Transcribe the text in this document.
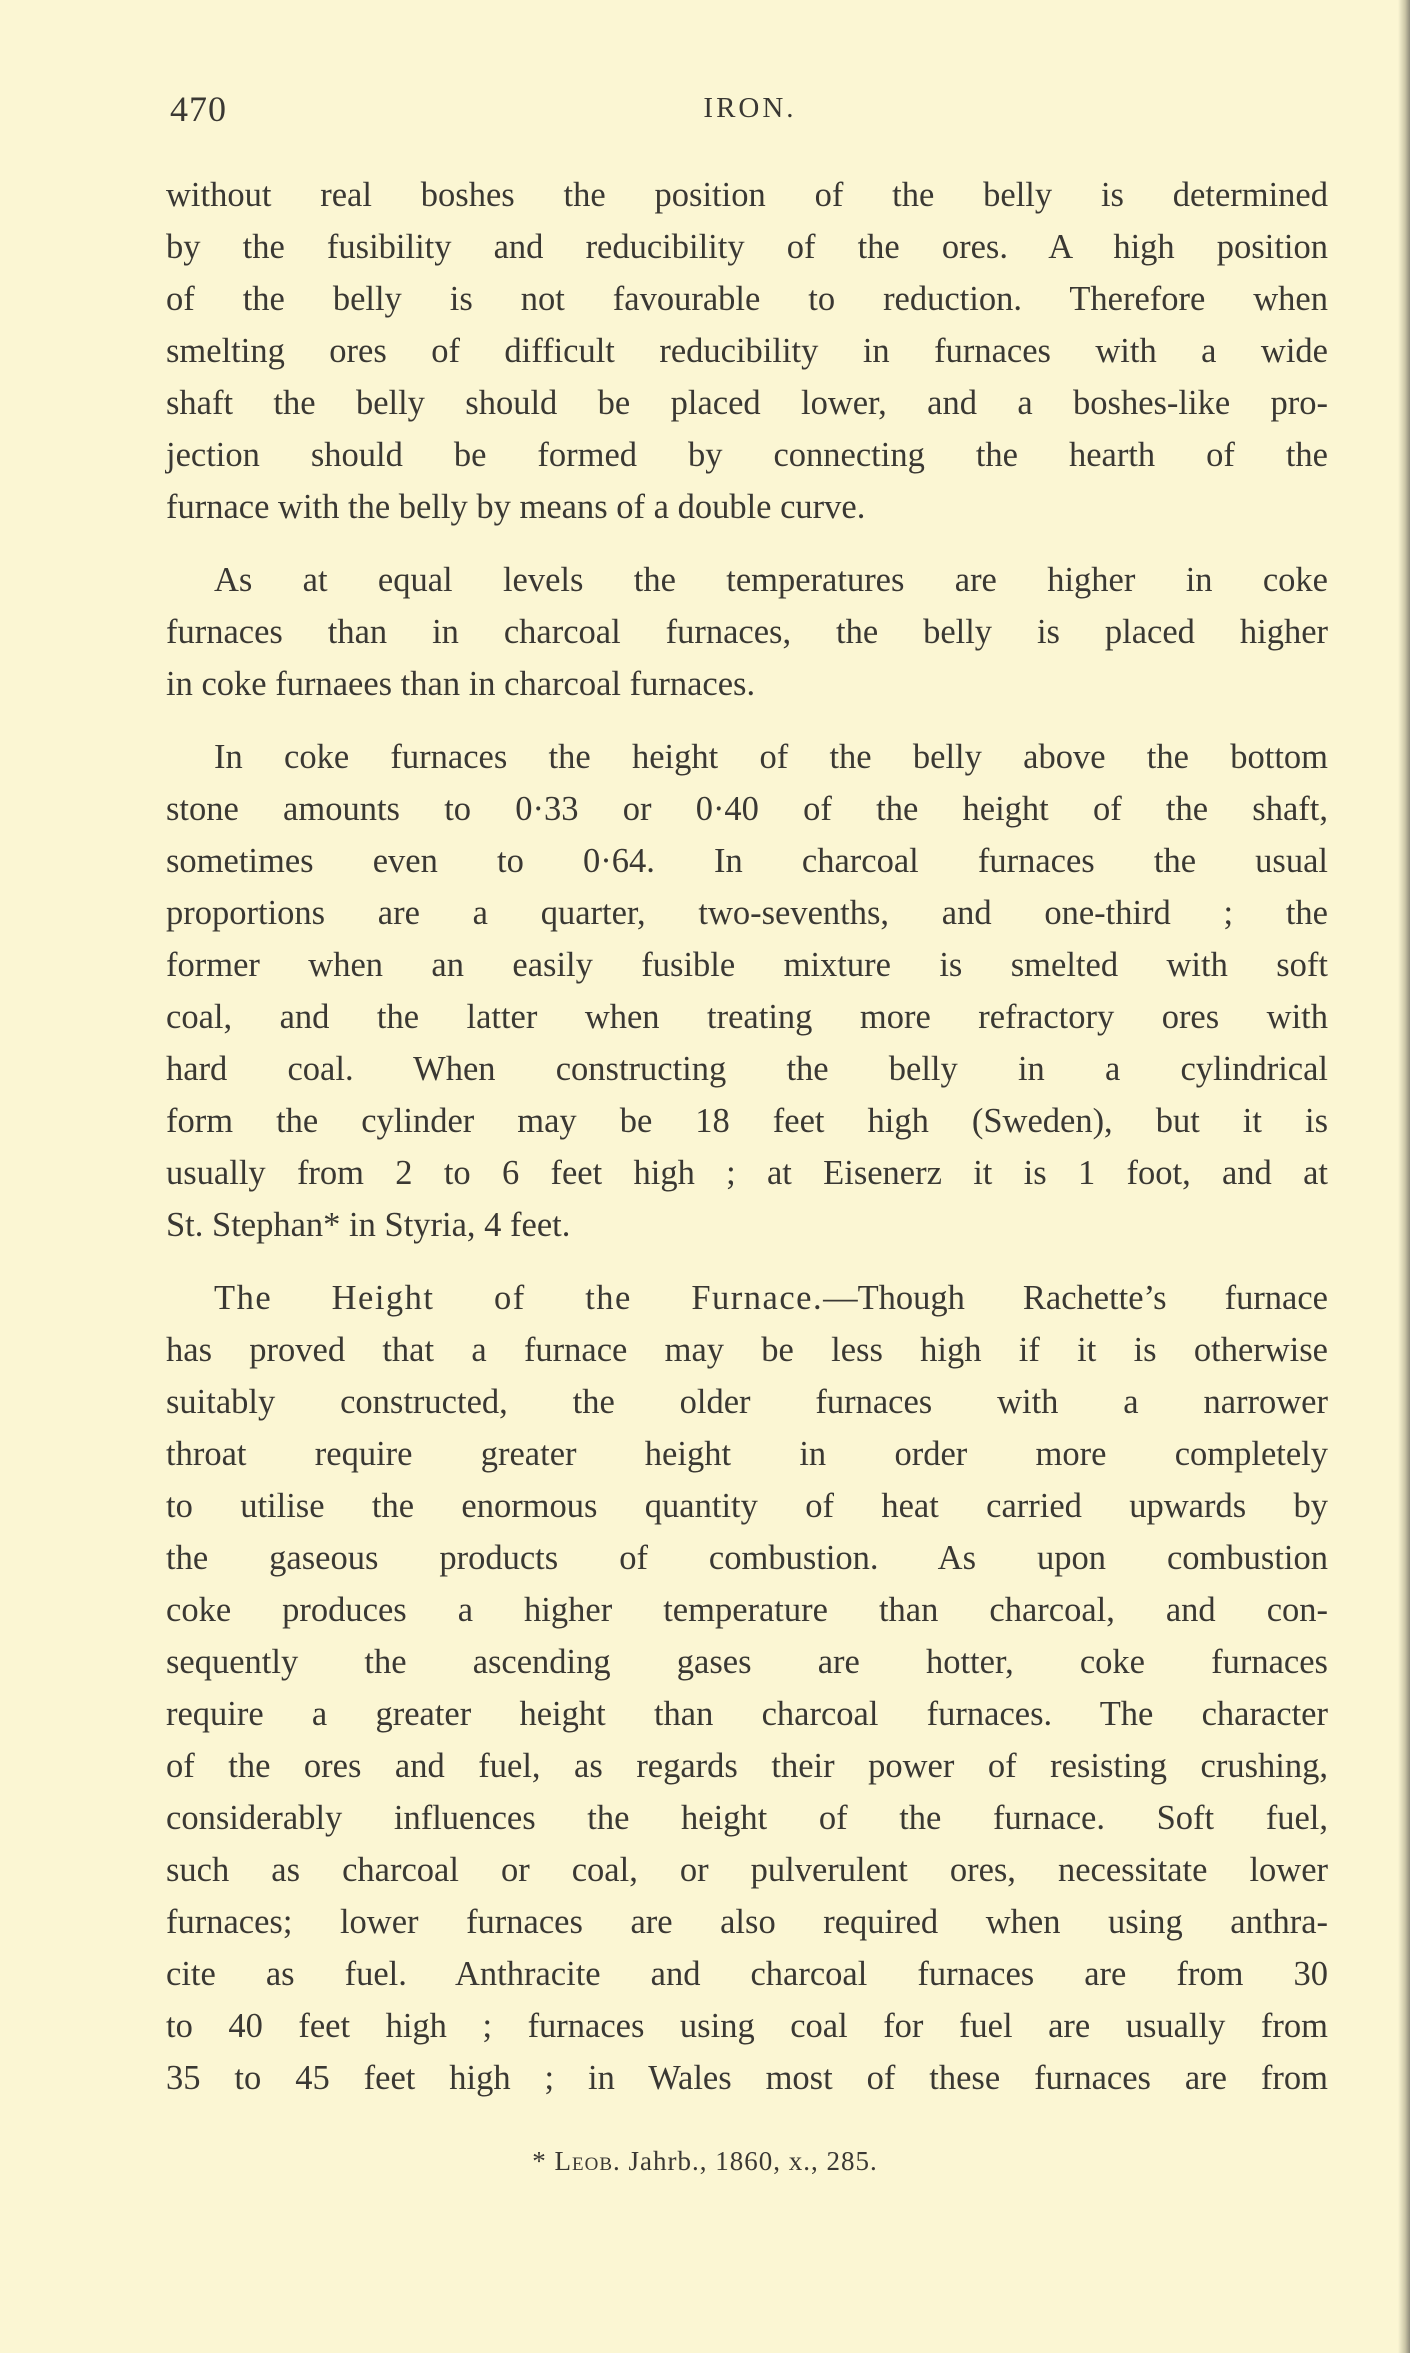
470	IRON.
without real boshes the position of the belly is determined
by the fusibility and reducibility of the ores. A high position
of the belly is not favourable to reduction. Therefore when
smelting ores of difficult reducibility in furnaces with a wide
shaft the belly should be placed lower, and a boshes-like pro-
jection should be formed by connecting the hearth of the
furnace with the belly by means of a double curve.
As at equal levels the temperatures are higher in coke
furnaces than in charcoal furnaces, the belly is placed higher
in coke furnaees than in charcoal furnaces.
In coke furnaces the height of the belly above the bottom
stone amounts to 0·33 or 0·40 of the height of the shaft,
sometimes even to 0·64. In charcoal furnaces the usual
proportions are a quarter, two-sevenths, and one-third ; the
former when an easily fusible mixture is smelted with soft
coal, and the latter when treating more refractory ores with
hard coal. When constructing the belly in a cylindrical
form the cylinder may be 18 feet high (Sweden), but it is
usually from 2 to 6 feet high ; at Eisenerz it is 1 foot, and at
St. Stephan* in Styria, 4 feet.
The Height of the Furnace.—Though Rachette’s furnace
has proved that a furnace may be less high if it is otherwise
suitably constructed, the older furnaces with a narrower
throat require greater height in order more completely
to utilise the enormous quantity of heat carried upwards by
the gaseous products of combustion. As upon combustion
coke produces a higher temperature than charcoal, and con-
sequently the ascending gases are hotter, coke furnaces
require a greater height than charcoal furnaces. The character
of the ores and fuel, as regards their power of resisting crushing,
considerably influences the height of the furnace. Soft fuel,
such as charcoal or coal, or pulverulent ores, necessitate lower
furnaces; lower furnaces are also required when using anthra-
cite as fuel. Anthracite and charcoal furnaces are from 30
to 40 feet high ; furnaces using coal for fuel are usually from
35 to 45 feet high ; in Wales most of these furnaces are from
* Leob. Jahrb., 1860, x., 285.
